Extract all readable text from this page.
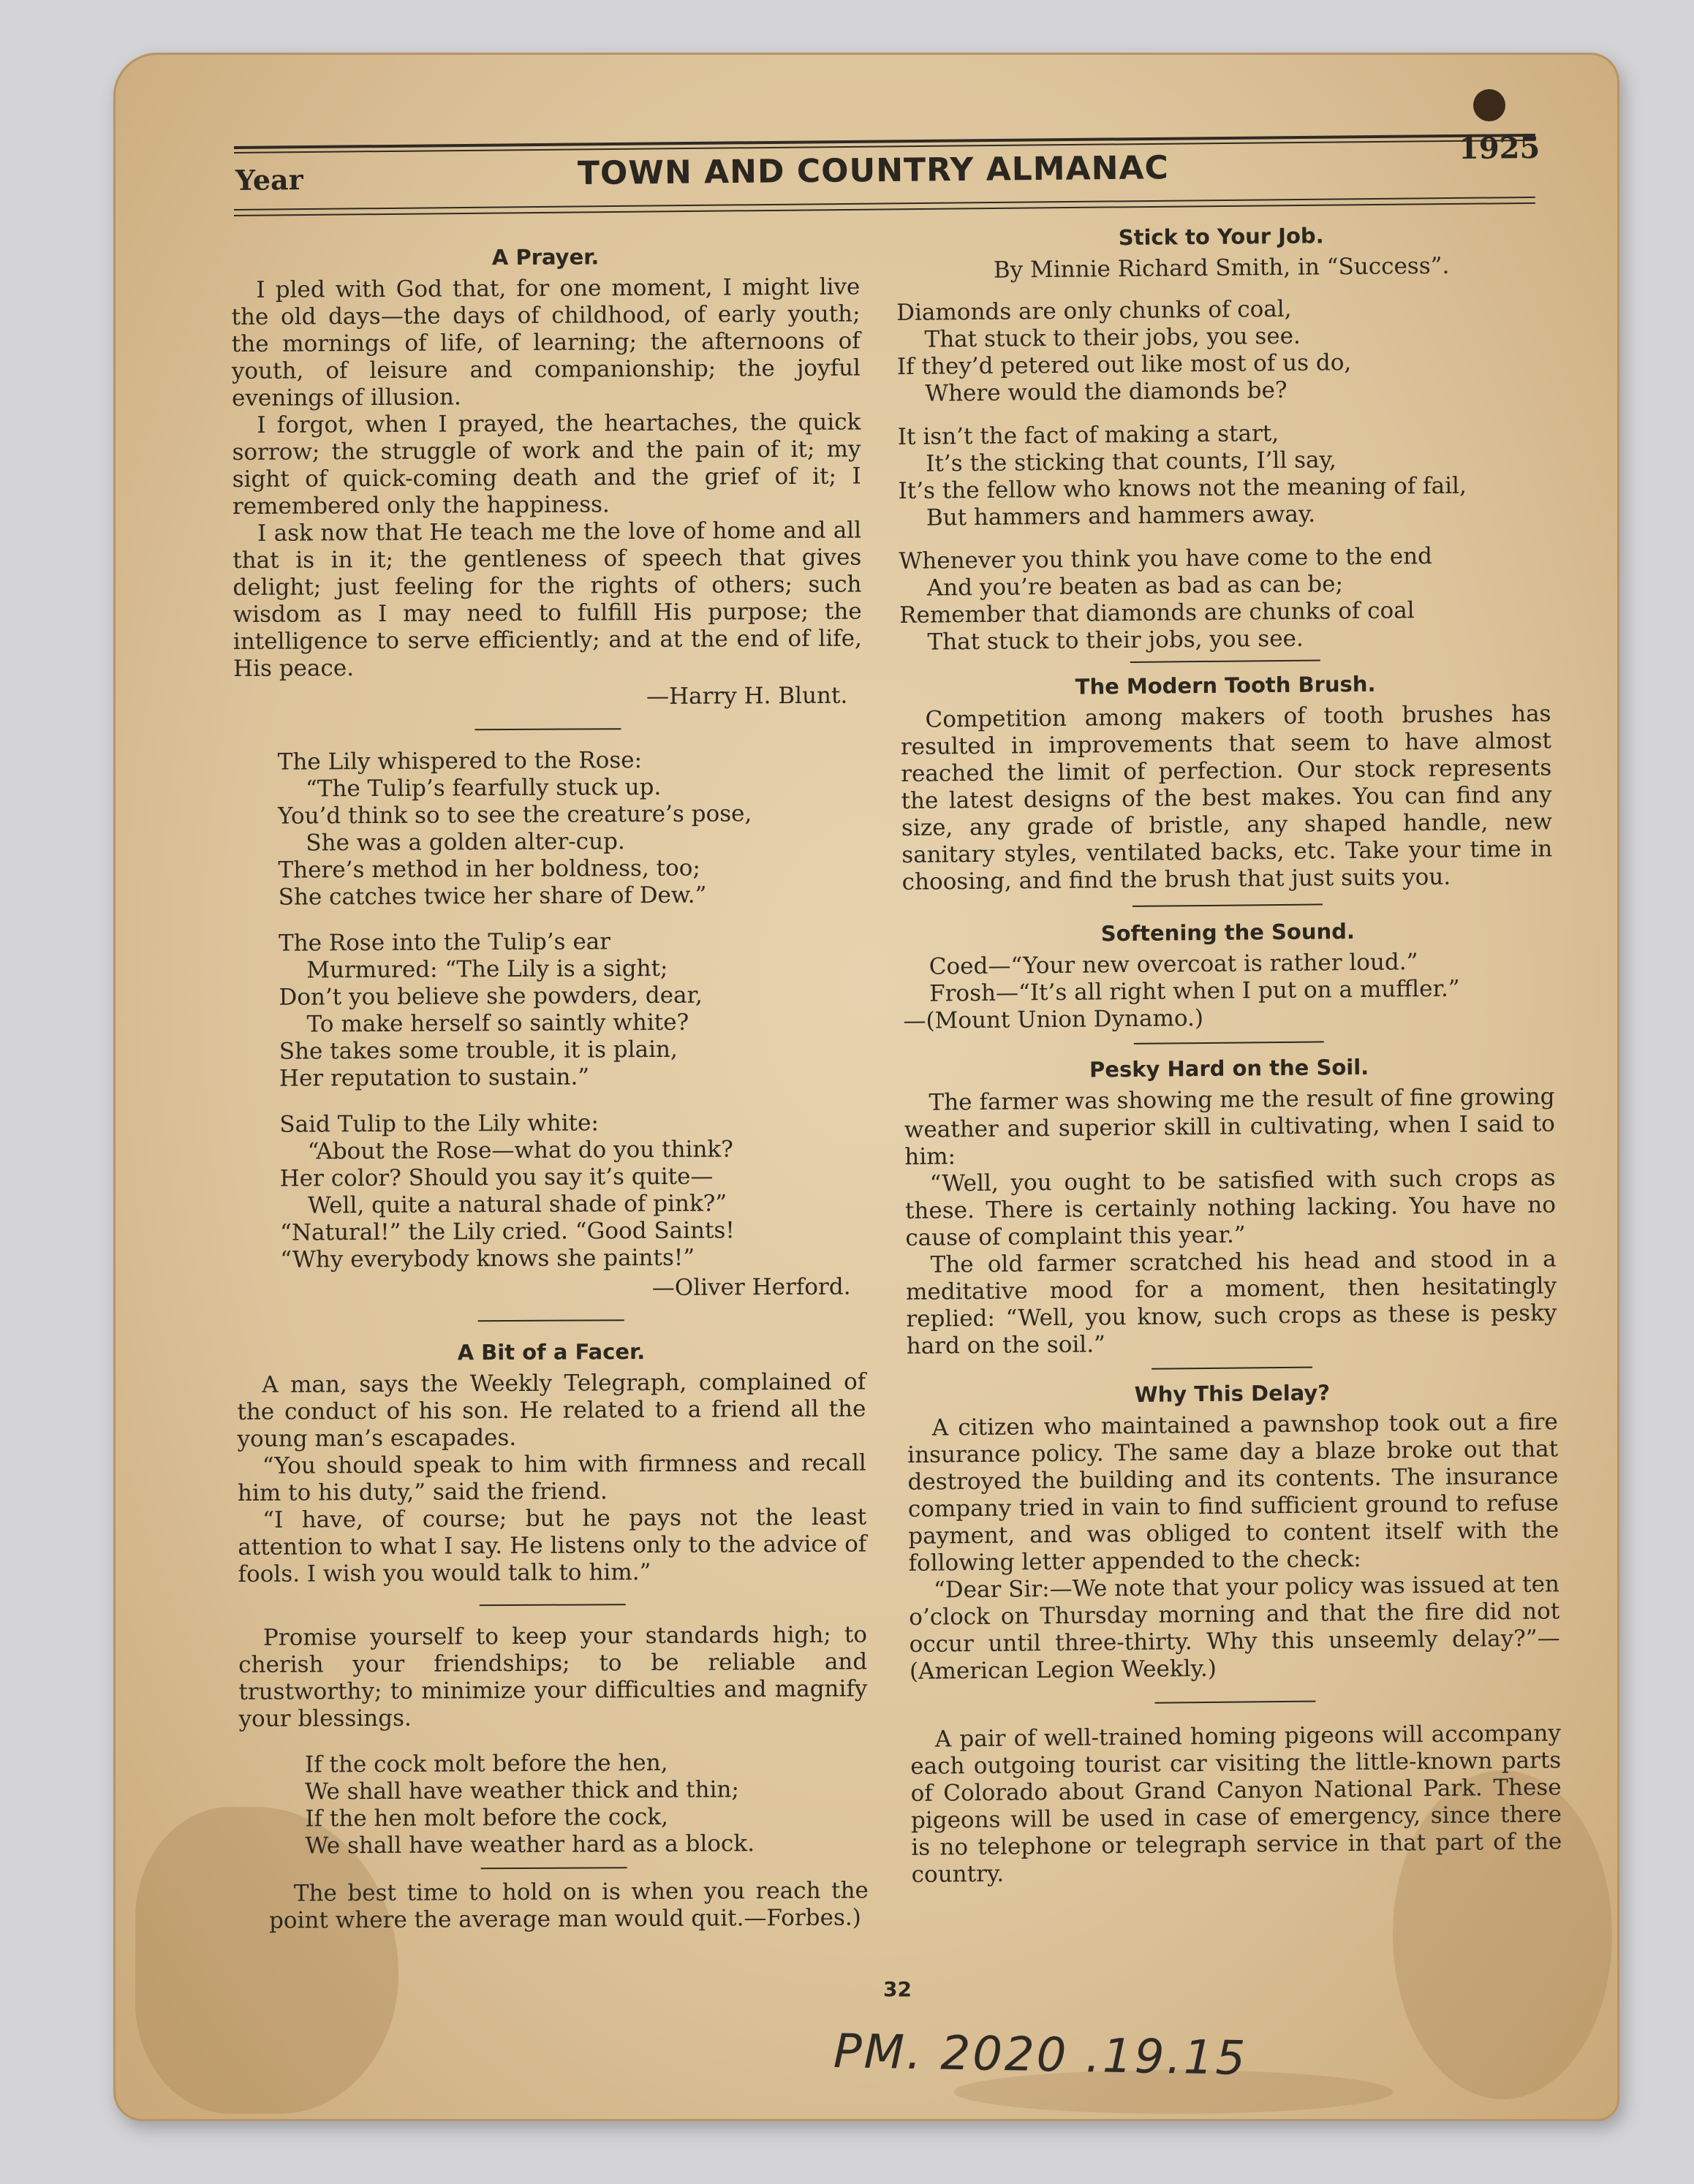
Year	TOWN AND COUNTRY ALMANAC
1925
A Prayer.

I pled with God that, for one moment, I might live the old days—the days of childhood, of early youth; the mornings of life, of learning; the afternoons of youth, of leisure and companionship; the joyful evenings of illusion.

I forgot, when I prayed, the heartaches, the quick sorrow; the struggle of work and the pain of it; my sight of quick-coming death and the grief of it; I remembered only the happiness.

I ask now that He teach me the love of home and all that is in it; the gentleness of speech that gives delight; just feeling for the rights of others; such wisdom as I may need to fulfill His purpose; the intelligence to serve efficiently; and at the end of life, His peace.

—Harry H. Blunt.
The Lily whispered to the Rose:
“The Tulip’s fearfully stuck up.
You’d think so to see the creature’s pose,
She was a golden alter-cup.
There’s method in her boldness, too;
She catches twice her share of Dew.”
The Rose into the Tulip’s ear
Murmured: “The Lily is a sight;
Don’t you believe she powders, dear,
To make herself so saintly white?
She takes some trouble, it is plain,
Her reputation to sustain.”
Said Tulip to the Lily white:
“About the Rose—what do you think?
Her color? Should you say it’s quite—
Well, quite a natural shade of pink?”
“Natural!” the Lily cried. “Good Saints!
“Why everybody knows she paints!”
—Oliver Herford.
A Bit of a Facer.

A man, says the Weekly Telegraph, complained of the conduct of his son. He related to a friend all the young man’s escapades.

“You should speak to him with firmness and recall him to his duty,” said the friend.

“I have, of course; but he pays not the least attention to what I say. He listens only to the advice of fools. I wish you would talk to him.”

Promise yourself to keep your standards high; to cherish your friendships; to be reliable and trustworthy; to minimize your difficulties and magnify your blessings.

If the cock molt before the hen,
We shall have weather thick and thin;
If the hen molt before the cock,
We shall have weather hard as a block.

The best time to hold on is when you reach the point where the average man would quit.—Forbes.)

Stick to Your Job.
By Minnie Richard Smith, in “Success”.
Diamonds are only chunks of coal,
That stuck to their jobs, you see.
If they’d petered out like most of us do,
Where would the diamonds be?
It isn’t the fact of making a start,
It’s the sticking that counts, I’ll say,
It’s the fellow who knows not the meaning of fail,
But hammers and hammers away.
Whenever you think you have come to the end
And you’re beaten as bad as can be;
Remember that diamonds are chunks of coal
That stuck to their jobs, you see.
The Modern Tooth Brush.

Competition among makers of tooth brushes has resulted in improvements that seem to have almost reached the limit of perfection. Our stock represents the latest designs of the best makes. You can find any size, any grade of bristle, any shaped handle, new sanitary styles, ventilated backs, etc. Take your time in choosing, and find the brush that just suits you.

Softening the Sound.
Coed—“Your new overcoat is rather loud.”
Frosh—“It’s all right when I put on a muffler.”
—(Mount Union Dynamo.)
Pesky Hard on the Soil.

The farmer was showing me the result of fine growing weather and superior skill in cultivating, when I said to him:

“Well, you ought to be satisfied with such crops as these. There is certainly nothing lacking. You have no cause of complaint this year.”

The old farmer scratched his head and stood in a meditative mood for a moment, then hesitatingly replied: “Well, you know, such crops as these is pesky hard on the soil.”

Why This Delay?

A citizen who maintained a pawnshop took out a fire insurance policy. The same day a blaze broke out that destroyed the building and its contents. The insurance company tried in vain to find sufficient ground to refuse payment, and was obliged to content itself with the following letter appended to the check:

“Dear Sir:—We note that your policy was issued at ten o’clock on Thursday morning and that the fire did not occur until three-thirty. Why this unseemly delay?”—(American Legion Weekly.)

A pair of well-trained homing pigeons will accompany each outgoing tourist car visiting the little-known parts of Colorado about Grand Canyon National Park. These pigeons will be used in case of emergency, since there is no telephone or telegraph service in that part of the country.

32
PM. 2020 .19.15
